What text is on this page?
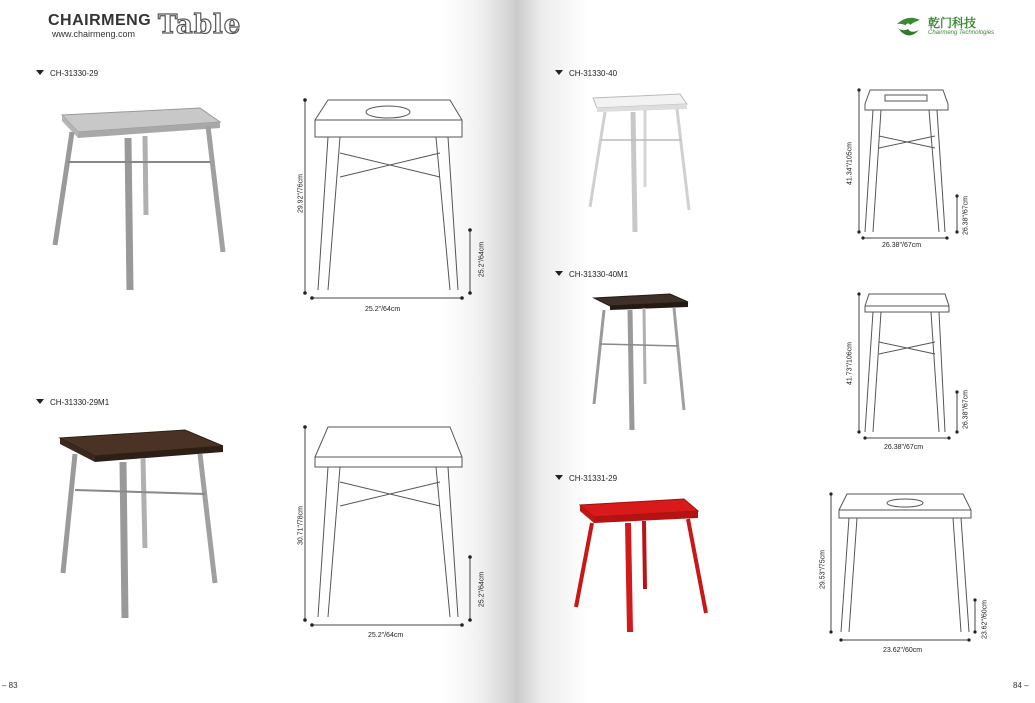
CHAIRMENG
www.chairmeng.com Table	乾门科技
Chairmeng Technologies
CH-31330-29
29.92"/76cm
25.2"/64cm
25.2"/64cm
CH-31330-29M1
30.71"/78cm
25.2"/64cm
25.2"/64cm
CH-31330-40
41.34"/105cm
26.38"/67cm
26.38"/67cm
CH-31330-40M1
41.73"/106cm
26.38"/67cm
26.38"/67cm
CH-31331-29
29.53"/75cm
23.62"/60cm
23.62"/60cm
– 83	84 –
